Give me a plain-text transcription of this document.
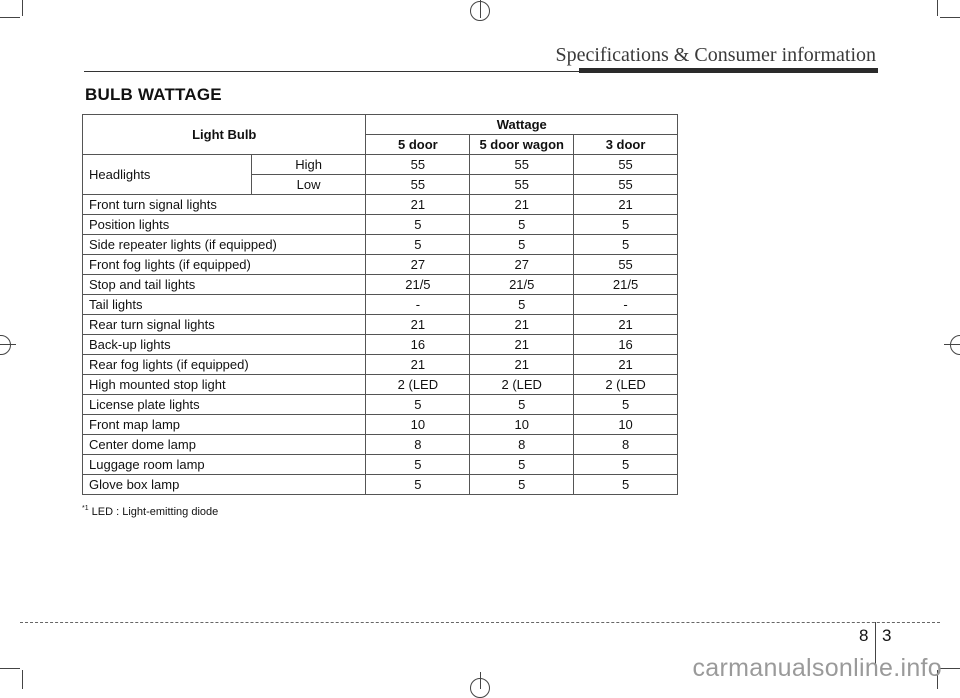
Specifications & Consumer information
BULB WATTAGE
Light Bulb		Wattage		
		5 door	5 door wagon	3 door
Headlights	High	55	55	55
	Low	55	55	55
Front turn signal lights		21	21	21
Position lights		5	5	5
Side repeater lights (if equipped)		5	5	5
Front fog lights (if equipped)		27	27	55
Stop and tail lights		21/5	21/5	21/5
Tail lights		-	5	-
Rear turn signal lights		21	21	21
Back-up lights		16	21	16
Rear fog lights (if equipped)		21	21	21
High mounted stop light		2 (LED	2 (LED	2 (LED
License plate lights		5	5	5
Front map lamp		10	10	10
Center dome lamp		8	8	8
Luggage room lamp		5	5	5
Glove box lamp		5	5	5
$^{*1}$ LED : Light-emitting diode
8 3
carmanualsonline.info
